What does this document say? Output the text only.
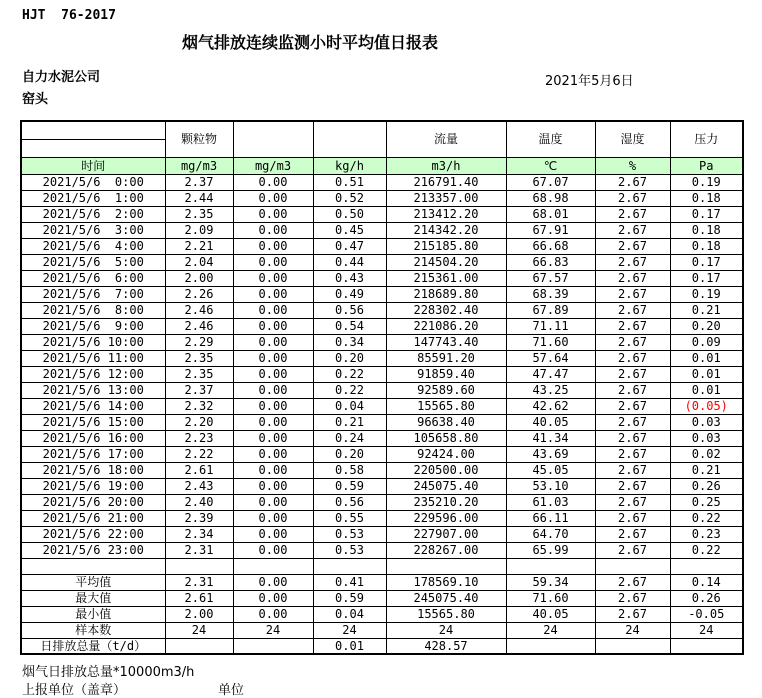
HJT  76-2017
烟气排放连续监测小时平均值日报表
自力水泥公司
窑头
2021年5月6日
	颗粒物			流量	温度	湿度	压力

时间	mg/m3	mg/m3	kg/h	m3/h	℃	%	Pa
2021/5/6  0:00	2.37	0.00	0.51	216791.40	67.07	2.67	0.19
2021/5/6  1:00	2.44	0.00	0.52	213357.00	68.98	2.67	0.18
2021/5/6  2:00	2.35	0.00	0.50	213412.20	68.01	2.67	0.17
2021/5/6  3:00	2.09	0.00	0.45	214342.20	67.91	2.67	0.18
2021/5/6  4:00	2.21	0.00	0.47	215185.80	66.68	2.67	0.18
2021/5/6  5:00	2.04	0.00	0.44	214504.20	66.83	2.67	0.17
2021/5/6  6:00	2.00	0.00	0.43	215361.00	67.57	2.67	0.17
2021/5/6  7:00	2.26	0.00	0.49	218689.80	68.39	2.67	0.19
2021/5/6  8:00	2.46	0.00	0.56	228302.40	67.89	2.67	0.21
2021/5/6  9:00	2.46	0.00	0.54	221086.20	71.11	2.67	0.20
2021/5/6 10:00	2.29	0.00	0.34	147743.40	71.60	2.67	0.09
2021/5/6 11:00	2.35	0.00	0.20	85591.20	57.64	2.67	0.01
2021/5/6 12:00	2.35	0.00	0.22	91859.40	47.47	2.67	0.01
2021/5/6 13:00	2.37	0.00	0.22	92589.60	43.25	2.67	0.01
2021/5/6 14:00	2.32	0.00	0.04	15565.80	42.62	2.67	(0.05)
2021/5/6 15:00	2.20	0.00	0.21	96638.40	40.05	2.67	0.03
2021/5/6 16:00	2.23	0.00	0.24	105658.80	41.34	2.67	0.03
2021/5/6 17:00	2.22	0.00	0.20	92424.00	43.69	2.67	0.02
2021/5/6 18:00	2.61	0.00	0.58	220500.00	45.05	2.67	0.21
2021/5/6 19:00	2.43	0.00	0.59	245075.40	53.10	2.67	0.26
2021/5/6 20:00	2.40	0.00	0.56	235210.20	61.03	2.67	0.25
2021/5/6 21:00	2.39	0.00	0.55	229596.00	66.11	2.67	0.22
2021/5/6 22:00	2.34	0.00	0.53	227907.00	64.70	2.67	0.23
2021/5/6 23:00	2.31	0.00	0.53	228267.00	65.99	2.67	0.22

平均值	2.31	0.00	0.41	178569.10	59.34	2.67	0.14
最大值	2.61	0.00	0.59	245075.40	71.60	2.67	0.26
最小值	2.00	0.00	0.04	15565.80	40.05	2.67	-0.05
样本数	24	24	24	24	24	24	24
日排放总量（t/d）			0.01	428.57			
烟气日排放总量*10000m3/h
上报单位（盖章）	单位
